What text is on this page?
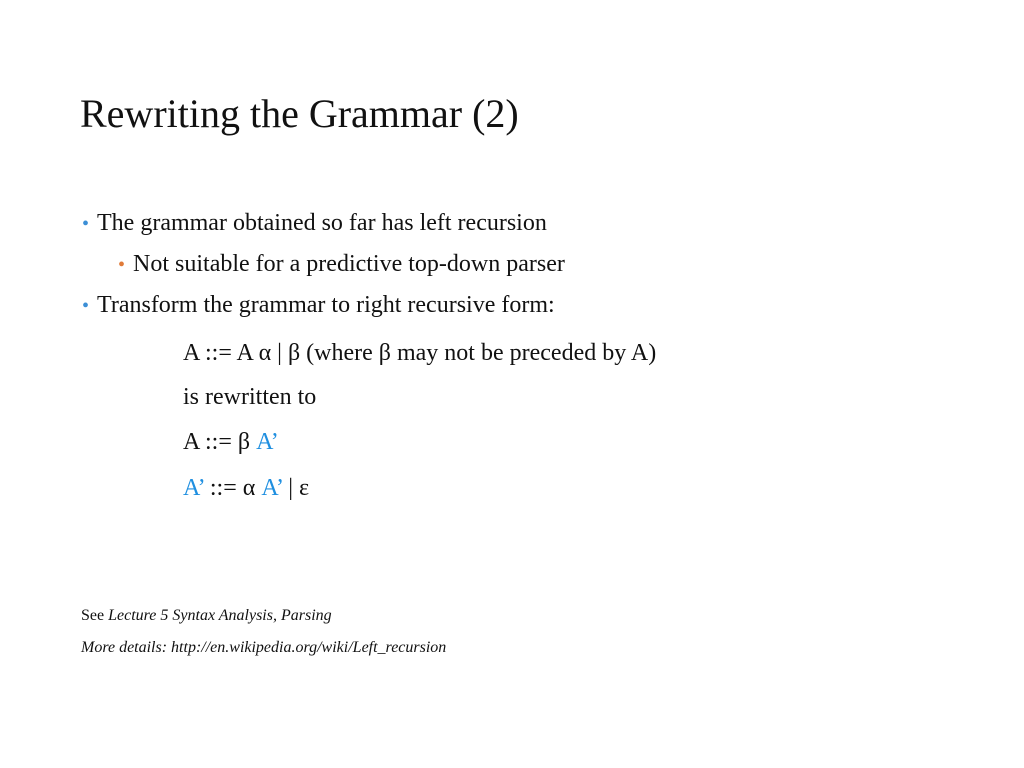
Rewriting the Grammar (2)
• The grammar obtained so far has left recursion
• Not suitable for a predictive top-down parser
• Transform the grammar to right recursive form:
A ::= A α | β (where β may not be preceded by A)
is rewritten to
A ::= β A’
A’ ::= α A’ | ε
See Lecture 5 Syntax Analysis, Parsing
More details: http://en.wikipedia.org/wiki/Left_recursion
